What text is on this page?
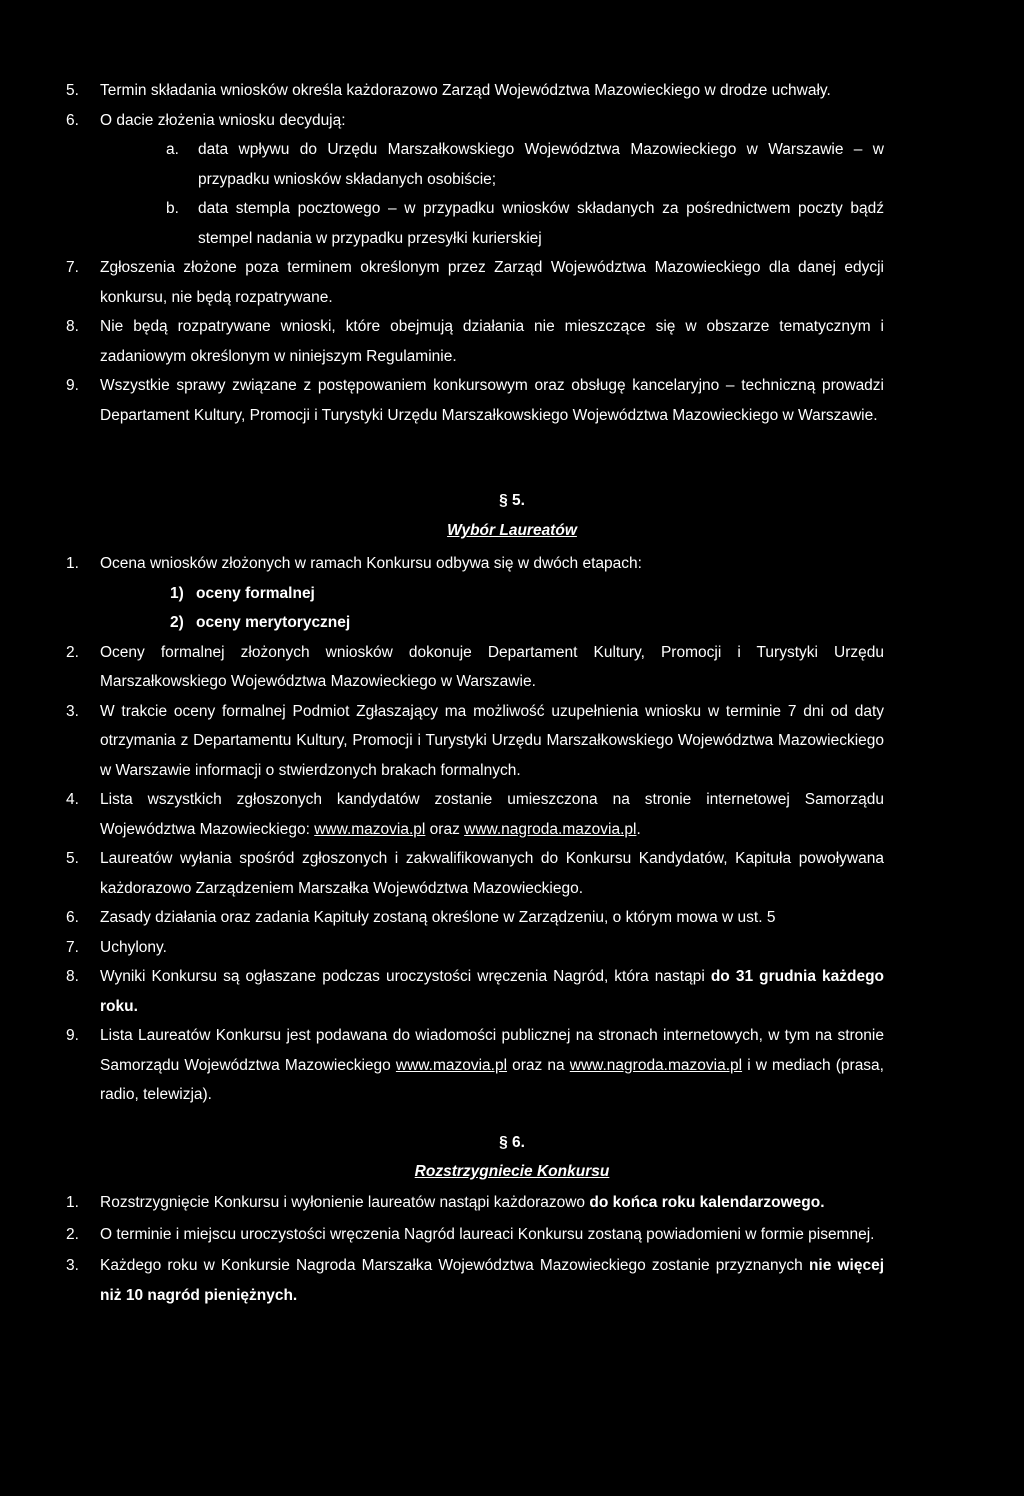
5.	Termin składania wniosków określa każdorazowo Zarząd Województwa Mazowieckiego w drodze uchwały.
6.	O dacie złożenia wniosku decydują:
a.	data wpływu do Urzędu Marszałkowskiego Województwa Mazowieckiego w Warszawie – w przypadku wniosków składanych osobiście;
b.	data stempla pocztowego – w przypadku wniosków składanych za pośrednictwem poczty bądź stempel nadania w przypadku przesyłki kurierskiej
7.	Zgłoszenia złożone poza terminem określonym przez Zarząd Województwa Mazowieckiego dla danej edycji konkursu, nie będą rozpatrywane.
8.	Nie będą rozpatrywane wnioski, które obejmują działania nie mieszczące się w obszarze tematycznym i zadaniowym określonym w niniejszym Regulaminie.
9.	Wszystkie sprawy związane z postępowaniem konkursowym oraz obsługę kancelaryjno – techniczną prowadzi Departament Kultury, Promocji i Turystyki Urzędu Marszałkowskiego Województwa Mazowieckiego w Warszawie.
§ 5.
Wybór Laureatów
1.	Ocena wniosków złożonych w ramach Konkursu odbywa się w dwóch etapach:
1) oceny formalnej
2) oceny merytorycznej
2.	Oceny formalnej złożonych wniosków dokonuje Departament Kultury, Promocji i Turystyki Urzędu Marszałkowskiego Województwa Mazowieckiego w Warszawie.
3.	W trakcie oceny formalnej Podmiot Zgłaszający ma możliwość uzupełnienia wniosku w terminie 7 dni od daty otrzymania z Departamentu Kultury, Promocji i Turystyki Urzędu Marszałkowskiego Województwa Mazowieckiego w Warszawie informacji o stwierdzonych brakach formalnych.
4.	Lista wszystkich zgłoszonych kandydatów zostanie umieszczona na stronie internetowej Samorządu Województwa Mazowieckiego: www.mazovia.pl oraz www.nagroda.mazovia.pl.
5.	Laureatów wyłania spośród zgłoszonych i zakwalifikowanych do Konkursu Kandydatów, Kapituła powoływana każdorazowo Zarządzeniem Marszałka Województwa Mazowieckiego.
6.	Zasady działania oraz zadania Kapituły zostaną określone w Zarządzeniu, o którym mowa w ust. 5
7.	Uchylony.
8.	Wyniki Konkursu są ogłaszane podczas uroczystości wręczenia Nagród, która nastąpi do 31 grudnia każdego roku.
9.	Lista Laureatów Konkursu jest podawana do wiadomości publicznej na stronach internetowych, w tym na stronie Samorządu Województwa Mazowieckiego www.mazovia.pl oraz na www.nagroda.mazovia.pl i w mediach (prasa, radio, telewizja).
§ 6.
Rozstrzygniecie Konkursu
1.	Rozstrzygnięcie Konkursu i wyłonienie laureatów nastąpi każdorazowo do końca roku kalendarzowego.
2.	O terminie i miejscu uroczystości wręczenia Nagród laureaci Konkursu zostaną powiadomieni w formie pisemnej.
3.	Każdego roku w Konkursie Nagroda Marszałka Województwa Mazowieckiego zostanie przyznanych nie więcej niż 10 nagród pieniężnych.
